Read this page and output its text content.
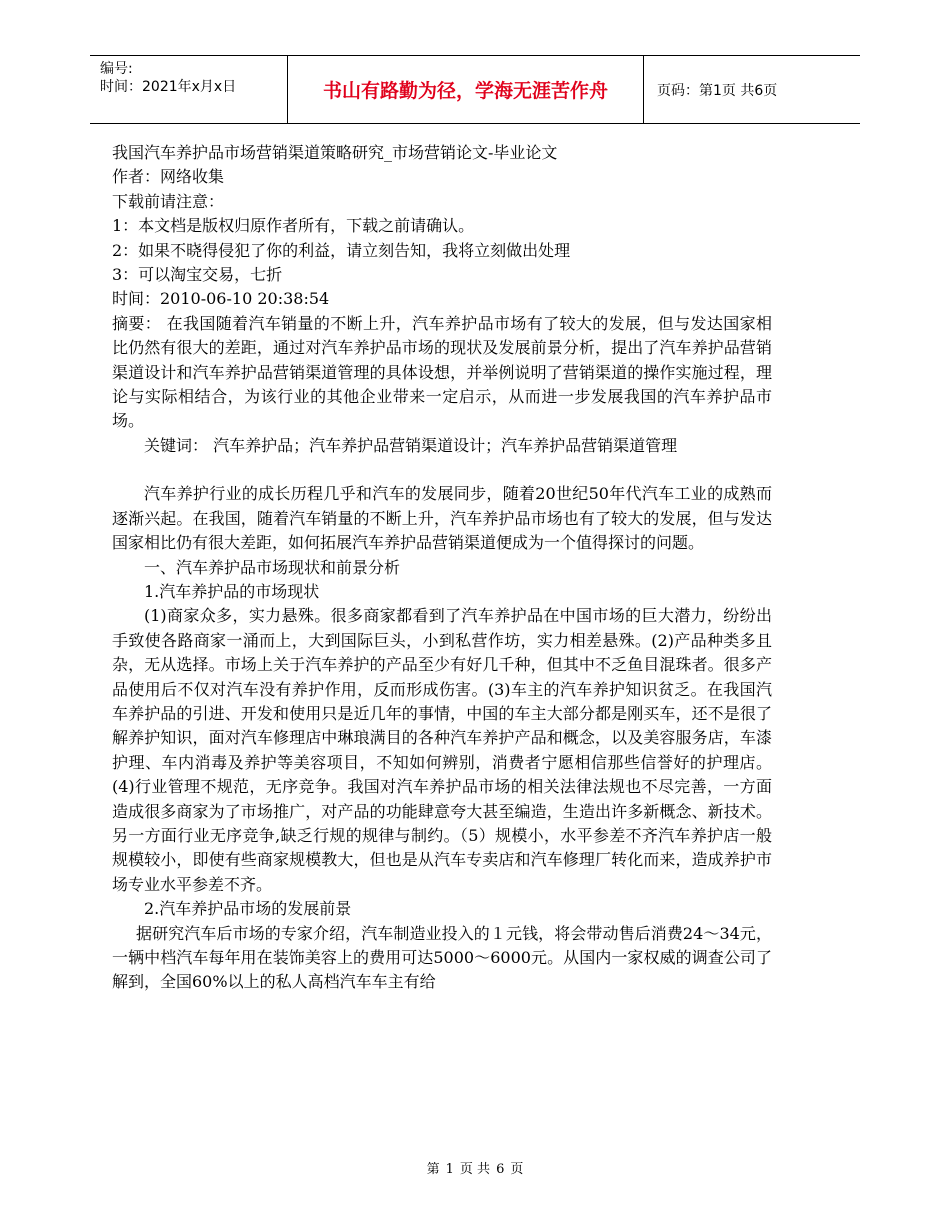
编号:
时间：2021年x月x日	书山有路勤为径，学海无涯苦作舟	页码：第1页 共6页

我国汽车养护品市场营销渠道策略研究_市场营销论文-毕业论文

作者：网络收集

下载前请注意：

1：本文档是版权归原作者所有，下载之前请确认。

2：如果不晓得侵犯了你的利益，请立刻告知，我将立刻做出处理

3：可以淘宝交易，七折

时间：2010-06-10 20:38:54

摘要： 在我国随着汽车销量的不断上升，汽车养护品市场有了较大的发展，但与发达国家相比仍然有很大的差距，通过对汽车养护品市场的现状及发展前景分析，提出了汽车养护品营销渠道设计和汽车养护品营销渠道管理的具体设想，并举例说明了营销渠道的操作实施过程，理论与实际相结合，为该行业的其他企业带来一定启示，从而进一步发展我国的汽车养护品市场。

关键词： 汽车养护品；汽车养护品营销渠道设计；汽车养护品营销渠道管理

汽车养护行业的成长历程几乎和汽车的发展同步，随着20世纪50年代汽车工业的成熟而逐渐兴起。在我国，随着汽车销量的不断上升，汽车养护品市场也有了较大的发展，但与发达国家相比仍有很大差距，如何拓展汽车养护品营销渠道便成为一个值得探讨的问题。

一、汽车养护品市场现状和前景分析

1.汽车养护品的市场现状

(1)商家众多，实力悬殊。很多商家都看到了汽车养护品在中国市场的巨大潜力，纷纷出手致使各路商家一涌而上，大到国际巨头，小到私营作坊，实力相差悬殊。(2)产品种类多且杂，无从选择。市场上关于汽车养护的产品至少有好几千种，但其中不乏鱼目混珠者。很多产品使用后不仅对汽车没有养护作用，反而形成伤害。(3)车主的汽车养护知识贫乏。在我国汽车养护品的引进、开发和使用只是近几年的事情，中国的车主大部分都是刚买车，还不是很了解养护知识，面对汽车修理店中琳琅满目的各种汽车养护产品和概念，以及美容服务店，车漆护理、车内消毒及养护等美容项目，不知如何辨别，消费者宁愿相信那些信誉好的护理店。(4)行业管理不规范，无序竞争。我国对汽车养护品市场的相关法律法规也不尽完善，一方面造成很多商家为了市场推广，对产品的功能肆意夸大甚至编造，生造出许多新概念、新技术。另一方面行业无序竞争,缺乏行规的规律与制约。（5）规模小，水平参差不齐汽车养护店一般规模较小，即使有些商家规模教大，但也是从汽车专卖店和汽车修理厂转化而来，造成养护市场专业水平参差不齐。

2.汽车养护品市场的发展前景

据研究汽车后市场的专家介绍，汽车制造业投入的１元钱，将会带动售后消费24～34元，一辆中档汽车每年用在装饰美容上的费用可达5000～6000元。从国内一家权威的调查公司了解到，全国60%以上的私人高档汽车车主有给

第 1 页 共 6 页
